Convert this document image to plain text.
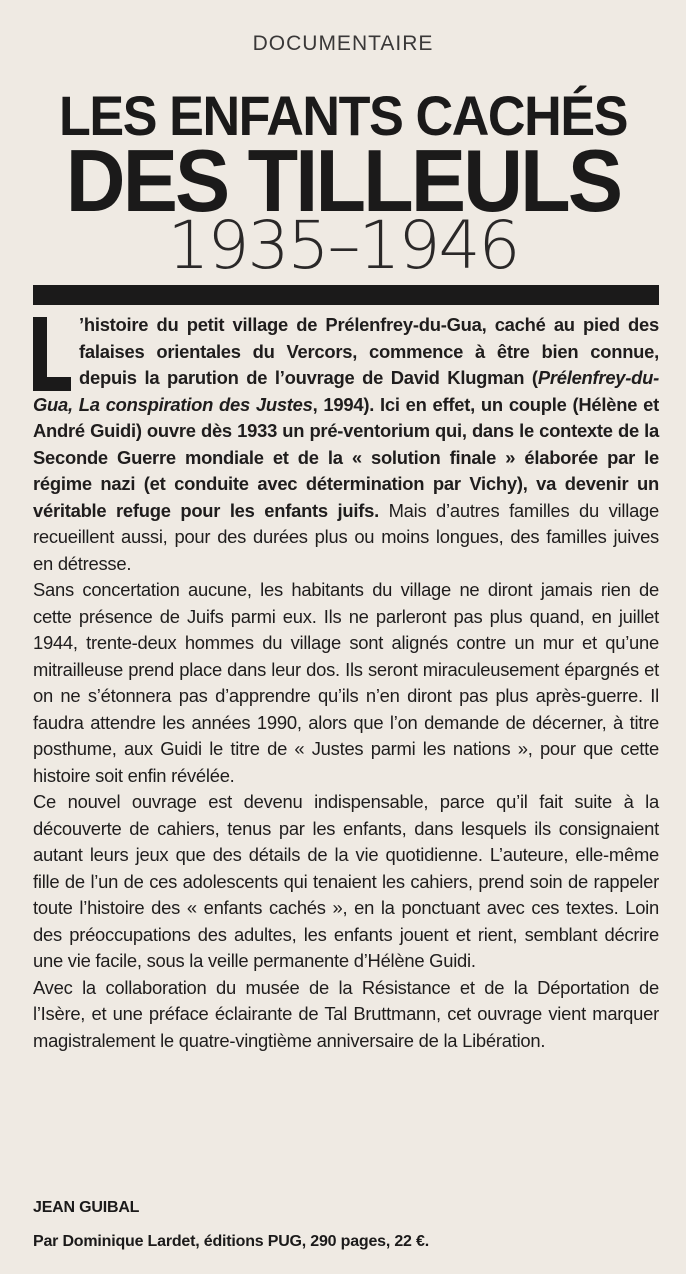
DOCUMENTAIRE
LES ENFANTS CACHÉS
DES TILLEULS
1935–1946

’histoire du petit village de Prélenfrey-du-Gua, caché au pied des falaises orientales du Vercors, commence à être bien connue, depuis la parution de l’ouvrage de David Klugman (Prélenfrey-du-Gua, La conspiration des Justes, 1994). Ici en effet, un couple (Hélène et André Guidi) ouvre dès 1933 un pré-ventorium qui, dans le contexte de la Seconde Guerre mondiale et de la « solution finale » élaborée par le régime nazi (et conduite avec détermination par Vichy), va devenir un véritable refuge pour les enfants juifs. Mais d’autres familles du village recueillent aussi, pour des durées plus ou moins longues, des familles juives en détresse.

Sans concertation aucune, les habitants du village ne diront jamais rien de cette présence de Juifs parmi eux. Ils ne parleront pas plus quand, en juillet 1944, trente-deux hommes du village sont alignés contre un mur et qu’une mitrailleuse prend place dans leur dos. Ils seront miraculeusement épargnés et on ne s’étonnera pas d’apprendre qu’ils n’en diront pas plus après-guerre. Il faudra attendre les années 1990, alors que l’on demande de décerner, à titre posthume, aux Guidi le titre de « Justes parmi les nations », pour que cette histoire soit enfin révélée.

Ce nouvel ouvrage est devenu indispensable, parce qu’il fait suite à la découverte de cahiers, tenus par les enfants, dans lesquels ils consignaient autant leurs jeux que des détails de la vie quotidienne. L’auteure, elle-même fille de l’un de ces adolescents qui tenaient les cahiers, prend soin de rappeler toute l’histoire des « enfants cachés », en la ponctuant avec ces textes. Loin des préoccupations des adultes, les enfants jouent et rient, semblant décrire une vie facile, sous la veille permanente d’Hélène Guidi.

Avec la collaboration du musée de la Résistance et de la Déportation de l’Isère, et une préface éclairante de Tal Bruttmann, cet ouvrage vient marquer magistralement le quatre-vingtième anniversaire de la Libération.

JEAN GUIBAL
Par Dominique Lardet, éditions PUG, 290 pages, 22 €.
